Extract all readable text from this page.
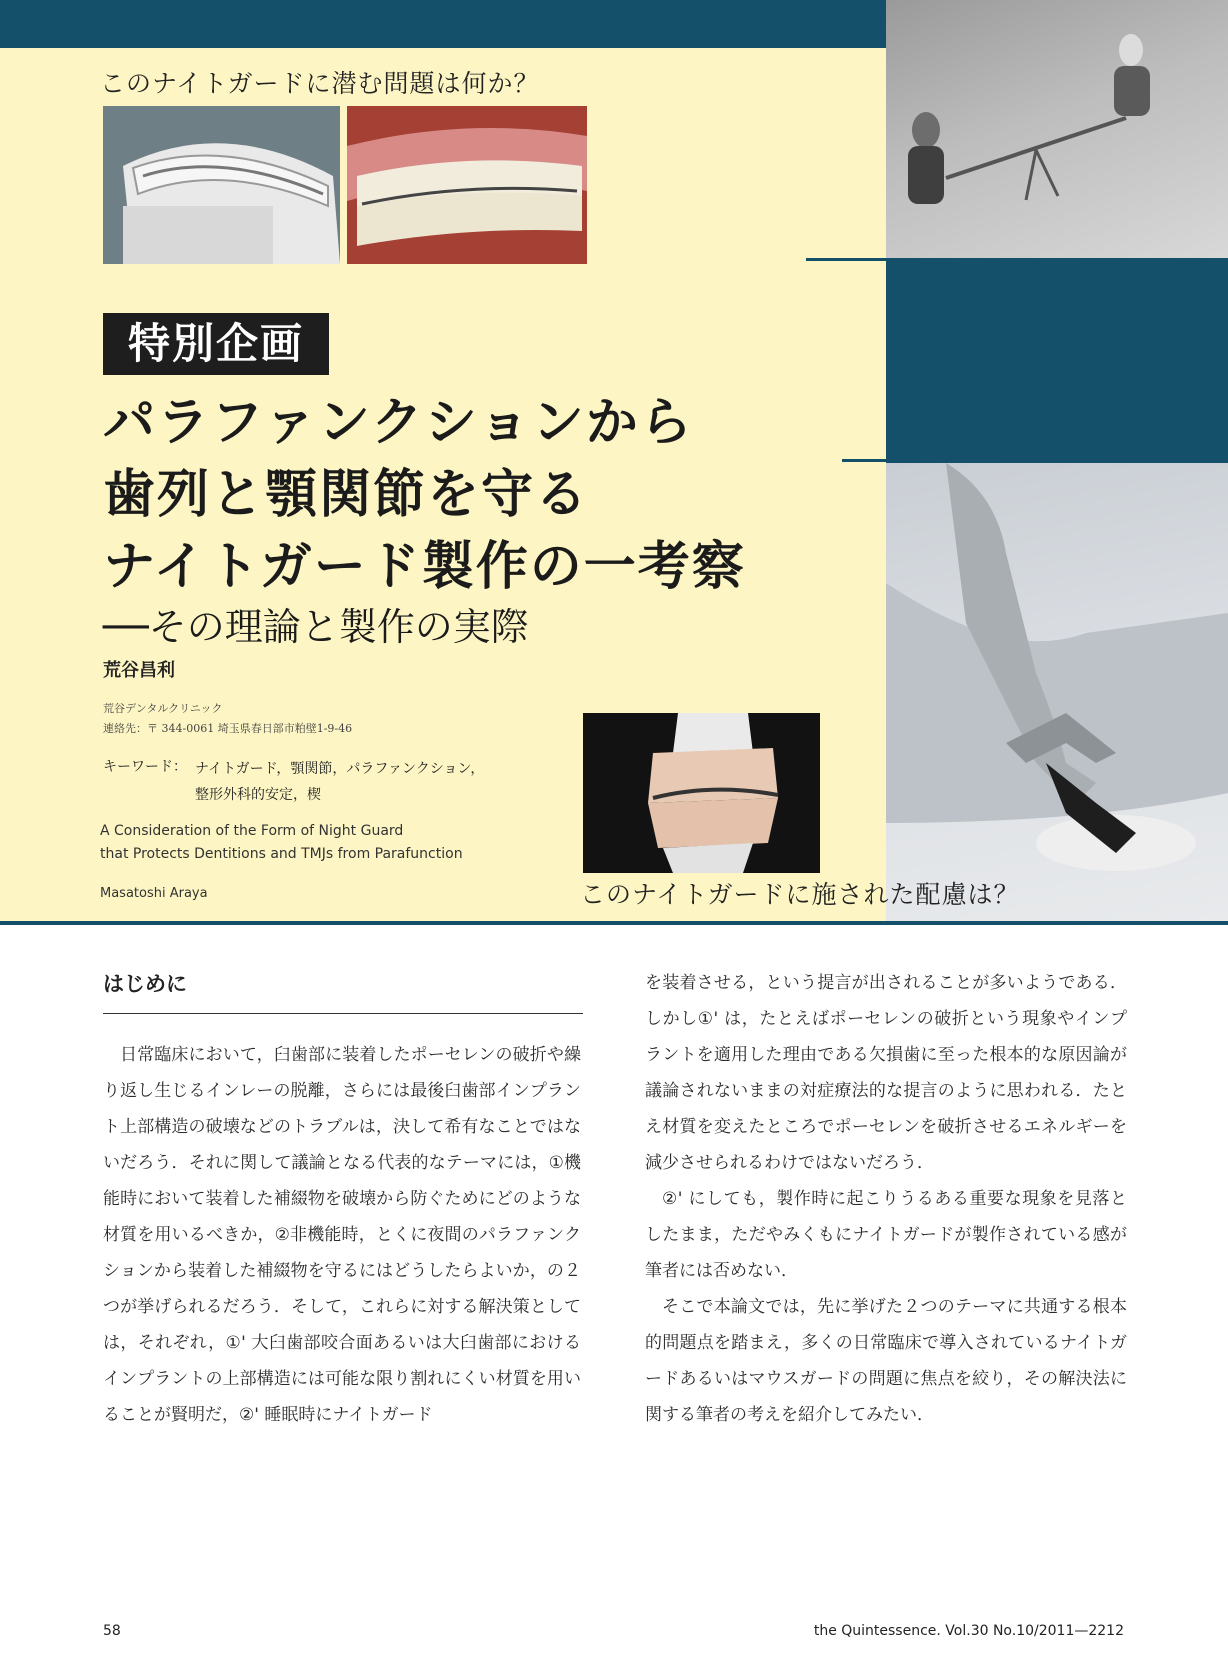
このナイトガードに潜む問題は何か？
特別企画
パラファンクションから
歯列と顎関節を守る
ナイトガード製作の一考察
──その理論と製作の実際
荒谷昌利
荒谷デンタルクリニック
連絡先：〒 344-0061 埼玉県春日部市粕壁1-9-46
キーワード： ナイトガード，顎関節，パラファンクション，
整形外科的安定，楔
A Consideration of the Form of Night Guard
that Protects Dentitions and TMJs from Parafunction
Masatoshi Araya	このナイトガードに施された配慮は？
はじめに

日常臨床において，臼歯部に装着したポーセレンの破折や繰り返し生じるインレーの脱離，さらには最後臼歯部インプラント上部構造の破壊などのトラブルは，決して希有なことではないだろう．それに関して議論となる代表的なテーマには，①機能時において装着した補綴物を破壊から防ぐためにどのような材質を用いるべきか，②非機能時，とくに夜間のパラファンクションから装着した補綴物を守るにはどうしたらよいか，の２つが挙げられるだろう．そして，これらに対する解決策としては，それぞれ，①' 大臼歯部咬合面あるいは大臼歯部におけるインプラントの上部構造には可能な限り割れにくい材質を用いることが賢明だ，②' 睡眠時にナイトガード

を装着させる，という提言が出されることが多いようである．しかし①' は，たとえばポーセレンの破折という現象やインプラントを適用した理由である欠損歯に至った根本的な原因論が議論されないままの対症療法的な提言のように思われる．たとえ材質を変えたところでポーセレンを破折させるエネルギーを減少させられるわけではないだろう．

②' にしても，製作時に起こりうるある重要な現象を見落としたまま，ただやみくもにナイトガードが製作されている感が筆者には否めない．

そこで本論文では，先に挙げた２つのテーマに共通する根本的問題点を踏まえ，多くの日常臨床で導入されているナイトガードあるいはマウスガードの問題に焦点を絞り，その解決法に関する筆者の考えを紹介してみたい．

58	the Quintessence. Vol.30 No.10/2011—2212
